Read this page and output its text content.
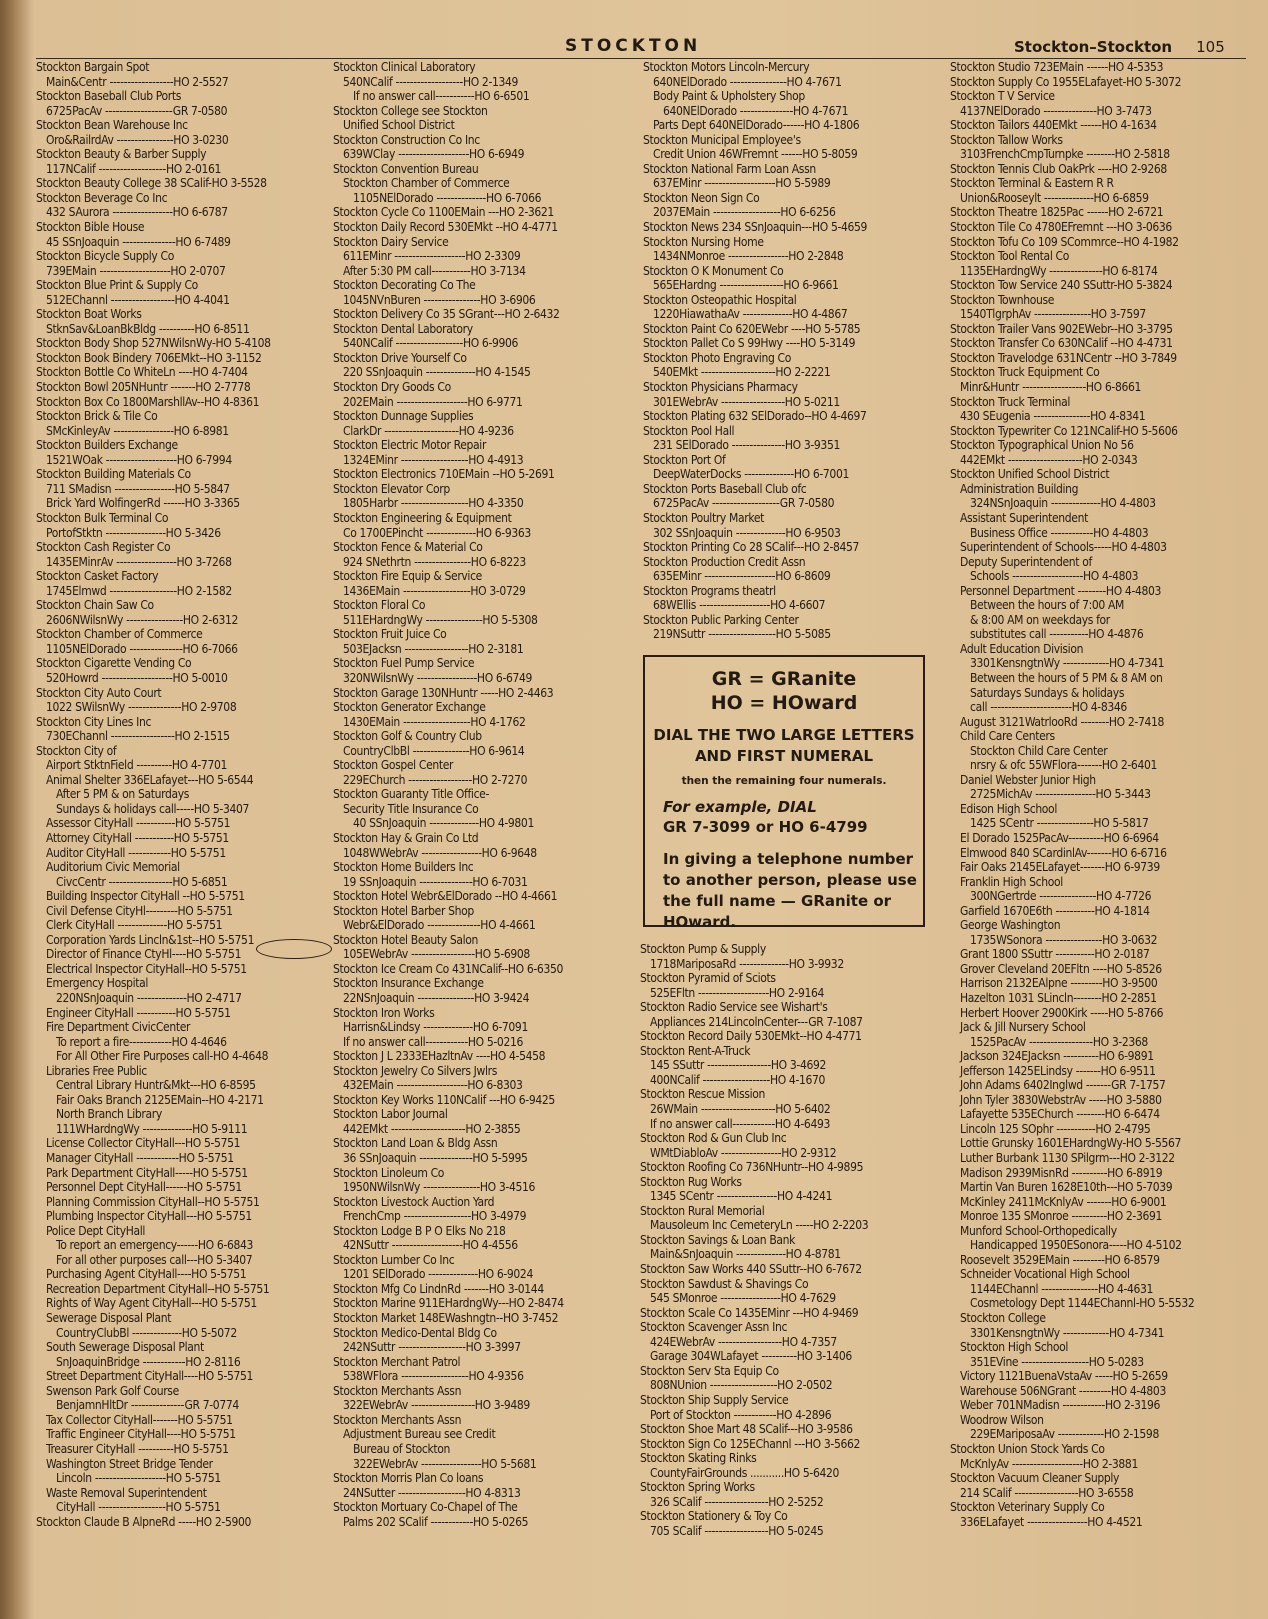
STOCKTON	Stockton–Stockton 105
Stockton Bargain Spot
Main&Centr ------------------HO 2-5527
Stockton Baseball Club Ports
6725PacAv -------------------GR 7-0580
Stockton Bean Warehouse Inc
Oro&RailrdAv ----------------HO 3-0230
Stockton Beauty & Barber Supply
117NCalif -------------------HO 2-0161
Stockton Beauty College 38 SCalif-HO 3-5528
Stockton Beverage Co Inc
432 SAurora -----------------HO 6-6787
Stockton Bible House
45 SSnJoaquin ---------------HO 6-7489
Stockton Bicycle Supply Co
739EMain --------------------HO 2-0707
Stockton Blue Print & Supply Co
512EChannl ------------------HO 4-4041
Stockton Boat Works
StknSav&LoanBkBldg ----------HO 6-8511
Stockton Body Shop 527NWilsnWy-HO 5-4108
Stockton Book Bindery 706EMkt--HO 3-1152
Stockton Bottle Co WhiteLn ----HO 4-7404
Stockton Bowl 205NHuntr -------HO 2-7778
Stockton Box Co 1800MarshllAv--HO 4-8361
Stockton Brick & Tile Co
SMcKinleyAv -----------------HO 6-8981
Stockton Builders Exchange
1521WOak --------------------HO 6-7994
Stockton Building Materials Co
711 SMadisn -----------------HO 5-5847
Brick Yard WolfingerRd ------HO 3-3365
Stockton Bulk Terminal Co
PortofStktn -----------------HO 5-3426
Stockton Cash Register Co
1435EMinrAv -----------------HO 3-7268
Stockton Casket Factory
1745Elmwd -------------------HO 2-1582
Stockton Chain Saw Co
2606NWilsnWy ----------------HO 2-6312
Stockton Chamber of Commerce
1105NElDorado ---------------HO 6-7066
Stockton Cigarette Vending Co
520Howrd --------------------HO 5-0010
Stockton City Auto Court
1022 SWilsnWy ---------------HO 2-9708
Stockton City Lines Inc
730EChannl ------------------HO 2-1515
Stockton City of
Airport StktnField ----------HO 4-7701
Animal Shelter 336ELafayet---HO 5-6544
After 5 PM & on Saturdays
Sundays & holidays call-----HO 5-3407
Assessor CityHall -----------HO 5-5751
Attorney CityHall -----------HO 5-5751
Auditor CityHall ------------HO 5-5751
Auditorium Civic Memorial
CivcCentr ------------------HO 5-6851
Building Inspector CityHall --HO 5-5751
Civil Defense CityHl---------HO 5-5751
Clerk CityHall --------------HO 5-5751
Corporation Yards Lincln&1st--HO 5-5751
Director of Finance CtyHl----HO 5-5751
Electrical Inspector CityHall--HO 5-5751
Emergency Hospital
220NSnJoaquin --------------HO 2-4717
Engineer CityHall -----------HO 5-5751
Fire Department CivicCenter
To report a fire------------HO 4-4646
For All Other Fire Purposes call-HO 4-4648
Libraries Free Public
Central Library Huntr&Mkt---HO 6-8595
Fair Oaks Branch 2125EMain--HO 4-2171
North Branch Library
111WHardngWy --------------HO 5-9111
License Collector CityHall---HO 5-5751
Manager CityHall ------------HO 5-5751
Park Department CityHall-----HO 5-5751
Personnel Dept CityHall------HO 5-5751
Planning Commission CityHall--HO 5-5751
Plumbing Inspector CityHall---HO 5-5751
Police Dept CityHall
To report an emergency------HO 6-6843
For all other purposes call---HO 5-3407
Purchasing Agent CityHall----HO 5-5751
Recreation Department CityHall--HO 5-5751
Rights of Way Agent CityHall---HO 5-5751
Sewerage Disposal Plant
CountryClubBl --------------HO 5-5072
South Sewerage Disposal Plant
SnJoaquinBridge ------------HO 2-8116
Street Department CityHall----HO 5-5751
Swenson Park Golf Course
BenjamnHltDr ---------------GR 7-0774
Tax Collector CityHall-------HO 5-5751
Traffic Engineer CityHall----HO 5-5751
Treasurer CityHall ----------HO 5-5751
Washington Street Bridge Tender
Lincoln --------------------HO 5-5751
Waste Removal Superintendent
CityHall -------------------HO 5-5751
Stockton Claude B AlpneRd -----HO 2-5900
Stockton Clinical Laboratory
540NCalif -------------------HO 2-1349
If no answer call-----------HO 6-6501
Stockton College see Stockton
Unified School District
Stockton Construction Co Inc
639WClay --------------------HO 6-6949
Stockton Convention Bureau
Stockton Chamber of Commerce
1105NElDorado --------------HO 6-7066
Stockton Cycle Co 1100EMain ---HO 2-3621
Stockton Daily Record 530EMkt --HO 4-4771
Stockton Dairy Service
611EMinr --------------------HO 2-3309
After 5:30 PM call-----------HO 3-7134
Stockton Decorating Co The
1045NVnBuren ----------------HO 3-6906
Stockton Delivery Co 35 SGrant---HO 2-6432
Stockton Dental Laboratory
540NCalif -------------------HO 6-9906
Stockton Drive Yourself Co
220 SSnJoaquin --------------HO 4-1545
Stockton Dry Goods Co
202EMain --------------------HO 6-9771
Stockton Dunnage Supplies
ClarkDr ---------------------HO 4-9236
Stockton Electric Motor Repair
1324EMinr -------------------HO 4-4913
Stockton Electronics 710EMain --HO 5-2691
Stockton Elevator Corp
1805Harbr -------------------HO 4-3350
Stockton Engineering & Equipment
Co 1700EPincht --------------HO 6-9363
Stockton Fence & Material Co
924 SNethrtn ----------------HO 6-8223
Stockton Fire Equip & Service
1436EMain -------------------HO 3-0729
Stockton Floral Co
511EHardngWy ----------------HO 5-5308
Stockton Fruit Juice Co
503EJacksn ------------------HO 2-3181
Stockton Fuel Pump Service
320NWilsnWy -----------------HO 6-6749
Stockton Garage 130NHuntr -----HO 2-4463
Stockton Generator Exchange
1430EMain -------------------HO 4-1762
Stockton Golf & Country Club
CountryClbBl ----------------HO 6-9614
Stockton Gospel Center
229EChurch ------------------HO 2-7270
Stockton Guaranty Title Office-
Security Title Insurance Co
40 SSnJoaquin --------------HO 4-9801
Stockton Hay & Grain Co Ltd
1048WWebrAv -----------------HO 6-9648
Stockton Home Builders Inc
19 SSnJoaquin ---------------HO 6-7031
Stockton Hotel Webr&ElDorado --HO 4-4661
Stockton Hotel Barber Shop
Webr&ElDorado ---------------HO 4-4661
Stockton Hotel Beauty Salon
105EWebrAv ------------------HO 5-6908
Stockton Ice Cream Co 431NCalif--HO 6-6350
Stockton Insurance Exchange
22NSnJoaquin ----------------HO 3-9424
Stockton Iron Works
Harrisn&Lindsy --------------HO 6-7091
If no answer call------------HO 5-0216
Stockton J L 2333EHazltnAv ----HO 4-5458
Stockton Jewelry Co Silvers Jwlrs
432EMain --------------------HO 6-8303
Stockton Key Works 110NCalif ---HO 6-9425
Stockton Labor Journal
442EMkt ---------------------HO 2-3855
Stockton Land Loan & Bldg Assn
36 SSnJoaquin ---------------HO 5-5995
Stockton Linoleum Co
1950NWilsnWy ----------------HO 3-4516
Stockton Livestock Auction Yard
FrenchCmp -------------------HO 3-4979
Stockton Lodge B P O Elks No 218
42NSuttr --------------------HO 4-4556
Stockton Lumber Co Inc
1201 SElDorado --------------HO 6-9024
Stockton Mfg Co LindnRd -------HO 3-0144
Stockton Marine 911EHardngWy---HO 2-8474
Stockton Market 148EWashngtn--HO 3-7452
Stockton Medico-Dental Bldg Co
242NSuttr -------------------HO 3-3997
Stockton Merchant Patrol
538WFlora -------------------HO 4-9356
Stockton Merchants Assn
322EWebrAv ------------------HO 3-9489
Stockton Merchants Assn
Adjustment Bureau see Credit
Bureau of Stockton
322EWebrAv -----------------HO 5-5681
Stockton Morris Plan Co loans
24NSutter -------------------HO 4-8313
Stockton Mortuary Co-Chapel of The
Palms 202 SCalif ------------HO 5-0265
Stockton Motors Lincoln-Mercury
640NElDorado ----------------HO 4-7671
Body Paint & Upholstery Shop
640NElDorado ---------------HO 4-7671
Parts Dept 640NElDorado------HO 4-1806
Stockton Municipal Employee's
Credit Union 46WFremnt ------HO 5-8059
Stockton National Farm Loan Assn
637EMinr --------------------HO 5-5989
Stockton Neon Sign Co
2037EMain -------------------HO 6-6256
Stockton News 234 SSnJoaquin---HO 5-4659
Stockton Nursing Home
1434NMonroe -----------------HO 2-2848
Stockton O K Monument Co
565EHardng ------------------HO 6-9661
Stockton Osteopathic Hospital
1220HiawathaAv --------------HO 4-4867
Stockton Paint Co 620EWebr ----HO 5-5785
Stockton Pallet Co S 99Hwy ----HO 5-3149
Stockton Photo Engraving Co
540EMkt ---------------------HO 2-2221
Stockton Physicians Pharmacy
301EWebrAv ------------------HO 5-0211
Stockton Plating 632 SElDorado--HO 4-4697
Stockton Pool Hall
231 SElDorado ---------------HO 3-9351
Stockton Port Of
DeepWaterDocks --------------HO 6-7001
Stockton Ports Baseball Club ofc
6725PacAv -------------------GR 7-0580
Stockton Poultry Market
302 SSnJoaquin --------------HO 6-9503
Stockton Printing Co 28 SCalif---HO 2-8457
Stockton Production Credit Assn
635EMinr --------------------HO 6-8609
Stockton Programs theatrl
68WEllis --------------------HO 4-6607
Stockton Public Parking Center
219NSuttr -------------------HO 5-5085
Stockton Pump & Supply
1718MariposaRd --------------HO 3-9932
Stockton Pyramid of Sciots
525EFltn --------------------HO 2-9164
Stockton Radio Service see Wishart's
Appliances 214LincolnCenter---GR 7-1087
Stockton Record Daily 530EMkt--HO 4-4771
Stockton Rent-A-Truck
145 SSuttr ------------------HO 3-4692
400NCalif -------------------HO 4-1670
Stockton Rescue Mission
26WMain ---------------------HO 5-6402
If no answer call------------HO 4-6493
Stockton Rod & Gun Club Inc
WMtDiabloAv -----------------HO 2-9312
Stockton Roofing Co 736NHuntr--HO 4-9895
Stockton Rug Works
1345 SCentr -----------------HO 4-4241
Stockton Rural Memorial
Mausoleum Inc CemeteryLn -----HO 2-2203
Stockton Savings & Loan Bank
Main&SnJoaquin --------------HO 4-8781
Stockton Saw Works 440 SSuttr--HO 6-7672
Stockton Sawdust & Shavings Co
545 SMonroe -----------------HO 4-7629
Stockton Scale Co 1435EMinr ---HO 4-9469
Stockton Scavenger Assn Inc
424EWebrAv ------------------HO 4-7357
Garage 304WLafayet ----------HO 3-1406
Stockton Serv Sta Equip Co
808NUnion -------------------HO 2-0502
Stockton Ship Supply Service
Port of Stockton ------------HO 4-2896
Stockton Shoe Mart 48 SCalif---HO 3-9586
Stockton Sign Co 125EChannl ---HO 3-5662
Stockton Skating Rinks
CountyFairGrounds ...........HO 5-6420
Stockton Spring Works
326 SCalif ------------------HO 2-5252
Stockton Stationery & Toy Co
705 SCalif ------------------HO 5-0245
Stockton Studio 723EMain ------HO 4-5353
Stockton Supply Co 1955ELafayet-HO 5-3072
Stockton T V Service
4137NElDorado ---------------HO 3-7473
Stockton Tailors 440EMkt ------HO 4-1634
Stockton Tallow Works
3103FrenchCmpTurnpke --------HO 2-5818
Stockton Tennis Club OakPrk ----HO 2-9268
Stockton Terminal & Eastern R R
Union&Rooseylt --------------HO 6-6859
Stockton Theatre 1825Pac ------HO 2-6721
Stockton Tile Co 4780EFremnt ---HO 3-0636
Stockton Tofu Co 109 SCommrce--HO 4-1982
Stockton Tool Rental Co
1135EHardngWy ---------------HO 6-8174
Stockton Tow Service 240 SSuttr-HO 5-3824
Stockton Townhouse
1540TlgrphAv ----------------HO 3-7597
Stockton Trailer Vans 902EWebr--HO 3-3795
Stockton Transfer Co 630NCalif --HO 4-4731
Stockton Travelodge 631NCentr --HO 3-7849
Stockton Truck Equipment Co
Minr&Huntr ------------------HO 6-8661
Stockton Truck Terminal
430 SEugenia ----------------HO 4-8341
Stockton Typewriter Co 121NCalif-HO 5-5606
Stockton Typographical Union No 56
442EMkt ---------------------HO 2-0343
Stockton Unified School District
Administration Building
324NSnJoaquin --------------HO 4-4803
Assistant Superintendent
Business Office ------------HO 4-4803
Superintendent of Schools-----HO 4-4803
Deputy Superintendent of
Schools --------------------HO 4-4803
Personnel Department --------HO 4-4803
Between the hours of 7:00 AM
& 8:00 AM on weekdays for
substitutes call -----------HO 4-4876
Adult Education Division
3301KensngtnWy -------------HO 4-7341
Between the hours of 5 PM & 8 AM on
Saturdays Sundays & holidays
call -----------------------HO 4-8346
August 3121WatrlooRd --------HO 2-7418
Child Care Centers
Stockton Child Care Center
nrsry & ofc 55WFlora-------HO 2-6401
Daniel Webster Junior High
2725MichAv -----------------HO 5-3443
Edison High School
1425 SCentr ----------------HO 5-5817
El Dorado 1525PacAv----------HO 6-6964
Elmwood 840 SCardinlAv-------HO 6-6716
Fair Oaks 2145ELafayet-------HO 6-9739
Franklin High School
300NGertrde ----------------HO 4-7726
Garfield 1670E6th -----------HO 4-1814
George Washington
1735WSonora ----------------HO 3-0632
Grant 1800 SSuttr -----------HO 2-0187
Grover Cleveland 20EFltn ----HO 5-8526
Harrison 2132EAlpne ---------HO 3-9500
Hazelton 1031 SLincln--------HO 2-2851
Herbert Hoover 2900Kirk -----HO 5-8766
Jack & Jill Nursery School
1525PacAv ------------------HO 3-2368
Jackson 324EJacksn ----------HO 6-9891
Jefferson 1425ELindsy -------HO 6-9511
John Adams 6402Inglwd -------GR 7-1757
John Tyler 3830WebstrAv -----HO 3-5880
Lafayette 535EChurch --------HO 6-6474
Lincoln 125 SOphr -----------HO 2-4795
Lottie Grunsky 1601EHardngWy-HO 5-5567
Luther Burbank 1130 SPilgrm---HO 2-3122
Madison 2939MisnRd ----------HO 6-8919
Martin Van Buren 1628E10th---HO 5-7039
McKinley 2411McKnlyAv -------HO 6-9001
Monroe 135 SMonroe ----------HO 2-3691
Munford School-Orthopedically
Handicapped 1950ESonora-----HO 4-5102
Roosevelt 3529EMain ---------HO 6-8579
Schneider Vocational High School
1144EChannl ----------------HO 4-4631
Cosmetology Dept 1144EChannl-HO 5-5532
Stockton College
3301KensngtnWy -------------HO 4-7341
Stockton High School
351EVine -------------------HO 5-0283
Victory 1121BuenaVstaAv -----HO 5-2659
Warehouse 506NGrant ---------HO 4-4803
Weber 701NMadisn ------------HO 2-3196
Woodrow Wilson
229EMariposaAv -------------HO 2-1598
Stockton Union Stock Yards Co
McKnlyAv --------------------HO 2-3881
Stockton Vacuum Cleaner Supply
214 SCalif ------------------HO 3-6558
Stockton Veterinary Supply Co
336ELafayet -----------------HO 4-4521
GR = GRanite
HO = HOward
DIAL THE TWO LARGE LETTERS
AND FIRST NUMERAL
then the remaining four numerals.
For example, DIAL
GR 7-3099 or HO 6-4799
In giving a telephone number
to another person, please use
the full name — GRanite or
HOward.
